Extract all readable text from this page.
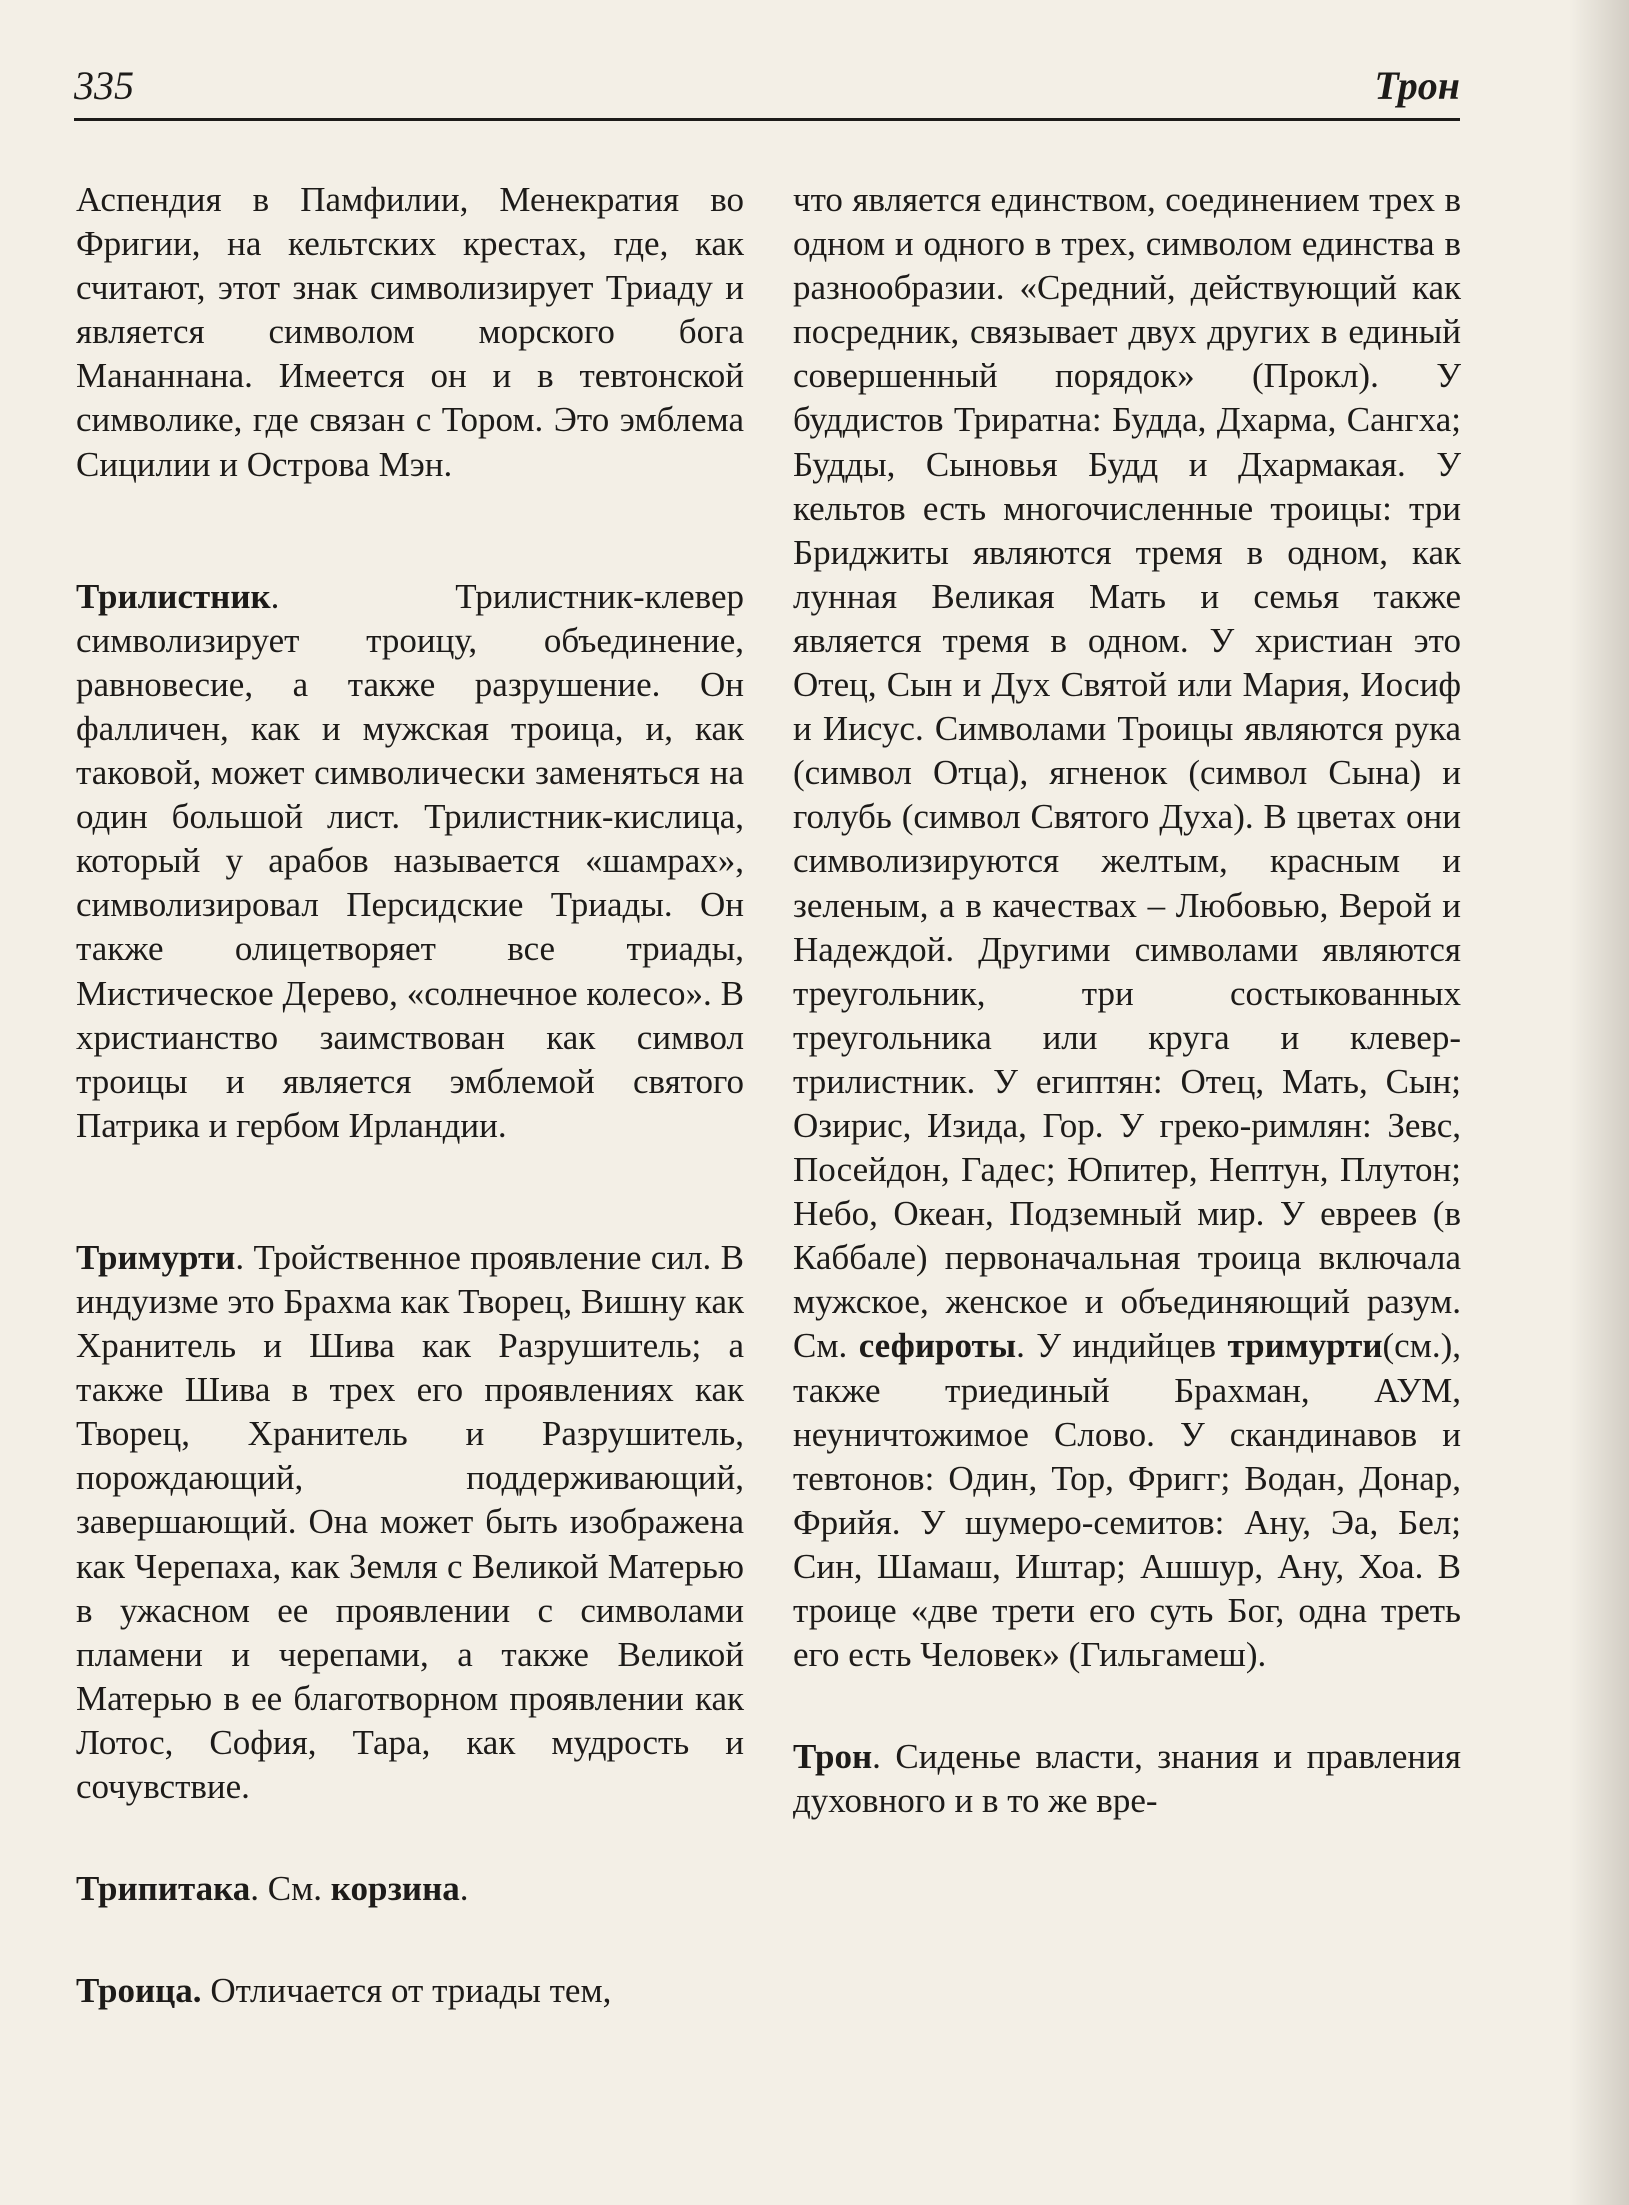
335	Трон

Аспендия в Памфилии, Менекратия во Фригии, на кельтских крестах, где, как считают, этот знак символизирует Триаду и является символом морского бога Мананнана. Имеется он и в тевтонской символике, где связан с Тором. Это эмблема Сицилии и Острова Мэн.

Трилистник. Трилистник-клевер символизирует троицу, объединение, равновесие, а также разрушение. Он фалличен, как и мужская троица, и, как таковой, может символически заменяться на один большой лист. Трилистник-кислица, который у арабов называется «шамрах», символизировал Персидские Триады. Он также олицетворяет все триады, Мистическое Дерево, «солнечное колесо». В христианство заимствован как символ троицы и является эмблемой святого Патрика и гербом Ирландии.

Тримурти. Тройственное проявление сил. В индуизме это Брахма как Творец, Вишну как Хранитель и Шива как Разрушитель; а также Шива в трех его проявлениях как Творец, Хранитель и Разрушитель, порождающий, поддерживающий, завершающий. Она может быть изображена как Черепаха, как Земля с Великой Матерью в ужасном ее проявлении с символами пламени и черепами, а также Великой Матерью в ее благотворном проявлении как Лотос, София, Тара, как мудрость и сочувствие.

Трипитака. См. корзина.

Троица. Отличается от триады тем,

что является единством, соединением трех в одном и одного в трех, символом единства в разнообразии. «Средний, действующий как посредник, связывает двух других в единый совершенный порядок» (Прокл). У буддистов Триратна: Будда, Дхарма, Сангха; Будды, Сыновья Будд и Дхармакая. У кельтов есть многочисленные троицы: три Бриджиты являются тремя в одном, как лунная Великая Мать и семья также является тремя в одном. У христиан это Отец, Сын и Дух Святой или Мария, Иосиф и Иисус. Символами Троицы являются рука (символ Отца), ягненок (символ Сына) и голубь (символ Святого Духа). В цветах они символизируются желтым, красным и зеленым, а в качествах – Любовью, Верой и Надеждой. Другими символами являются треугольник, три состыкованных треугольника или круга и клевер-трилистник. У египтян: Отец, Мать, Сын; Озирис, Изида, Гор. У греко-римлян: Зевс, Посейдон, Гадес; Юпитер, Нептун, Плутон; Небо, Океан, Подземный мир. У евреев (в Каббале) первоначальная троица включала мужское, женское и объединяющий разум. См. сефироты. У индийцев тримурти(см.), также триединый Брахман, АУМ, неуничтожимое Слово. У скандинавов и тевтонов: Один, Тор, Фригг; Водан, Донар, Фрийя. У шумеро-семитов: Ану, Эа, Бел; Син, Шамаш, Иштар; Ашшур, Ану, Хоа. В троице «две трети его суть Бог, одна треть его есть Человек» (Гильгамеш).

Трон. Сиденье власти, знания и правления духовного и в то же вре-
